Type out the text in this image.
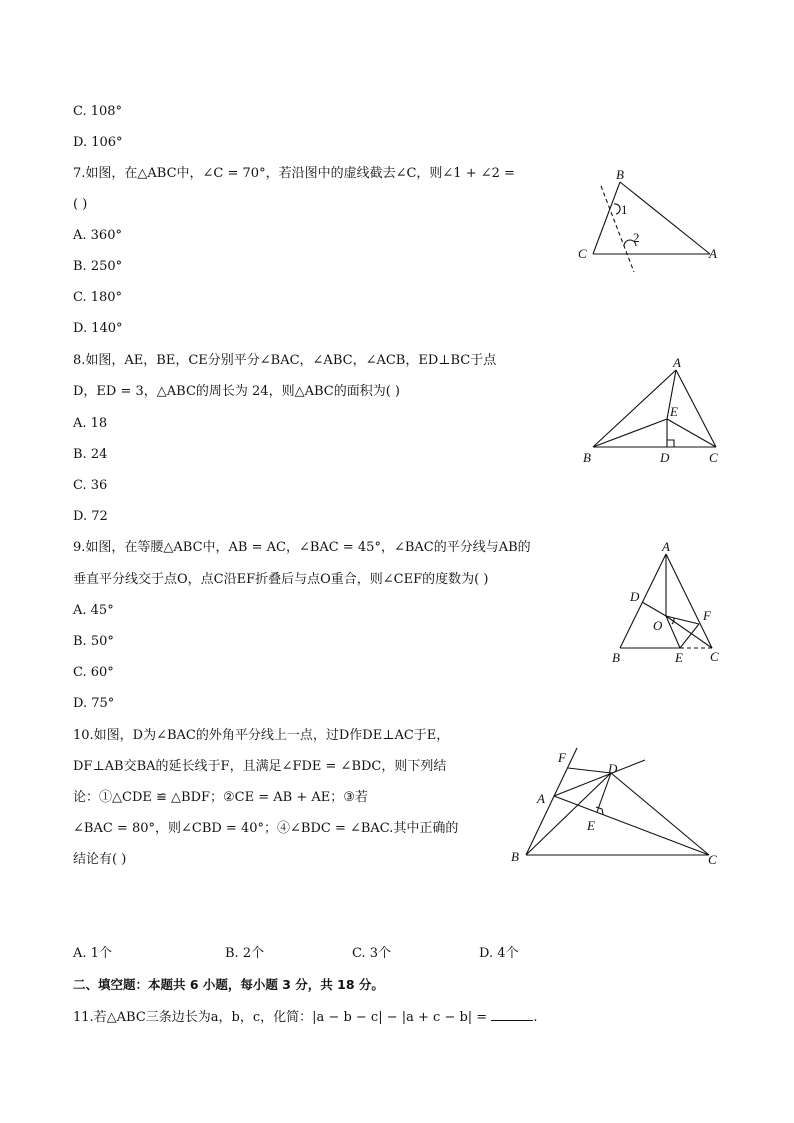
C. 108°
D. 106°
7.如图，在△ABC中，∠C = 70°，若沿图中的虚线截去∠C，则∠1 + ∠2 =
( )
A. 360°
B. 250°
C. 180°
D. 140°
B
C	A
1
2
8.如图，AE，BE，CE分别平分∠BAC，∠ABC，∠ACB，ED⊥BC于点
D，ED = 3，△ABC的周长为 24，则△ABC的面积为( )
A. 18
B. 24
C. 36
D. 72
A
E
B	D	C
9.如图，在等腰△ABC中，AB = AC，∠BAC = 45°，∠BAC的平分线与AB的
垂直平分线交于点O，点C沿EF折叠后与点O重合，则∠CEF的度数为( )
A. 45°
B. 50°
C. 60°
D. 75°
A
D
O
F
B	E C
10.如图，D为∠BAC的外角平分线上一点，过D作DE⊥AC于E，
DF⊥AB交BA的延长线于F，且满足∠FDE = ∠BDC，则下列结
论：①△CDE ≌ △BDF；②CE = AB + AE；③若
∠BAC = 80°，则∠CBD = 40°；④∠BDC = ∠BAC.其中正确的
结论有( )
F
D
A
E
B	C
A. 1个	B. 2个	C. 3个	D. 4个
二、填空题：本题共 6 小题，每小题 3 分，共 18 分。
11.若△ABC三条边长为a，b，c，化简：|a − b − c| − |a + c − b| =	.
